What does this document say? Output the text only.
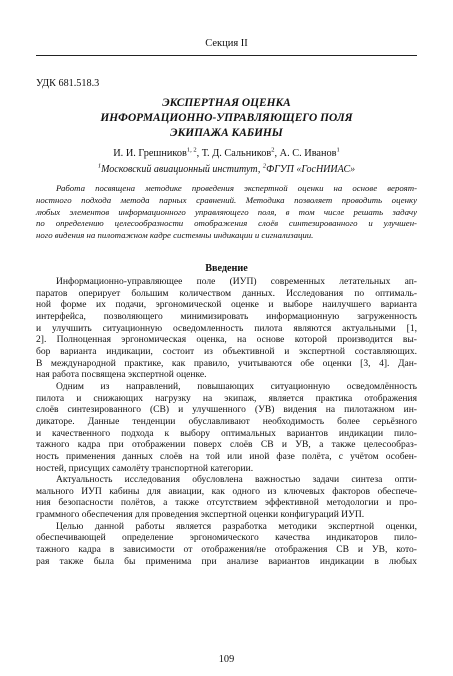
Секция II
УДК 681.518.3
ЭКСПЕРТНАЯ ОЦЕНКА
ИНФОРМАЦИОННО-УПРАВЛЯЮЩЕГО ПОЛЯ
ЭКИПАЖА КАБИНЫ
И. И. Грешников$^{1, 2}$, Т. Д. Сальников$^2$, А. С. Иванов$^1$
$^1$Московский авиационный институт, $^2$ФГУП «ГосНИИАС»
Работа посвящена методике проведения экспертной оценки на основе вероят-
ностного подхода метода парных сравнений. Методика позволяет проводить оценку
любых элементов информационного управляющего поля, в том числе решать задачу
по определению целесообразности отображения слоёв синтезированного и улучшен-
ного видения на пилотажном кадре системны индикации и сигнализации.
Введение
Информационно-управляющее поле (ИУП) современных летательных ап-
паратов оперирует большим количеством данных. Исследования по оптималь-
ной форме их подачи, эргономической оценке и выборе наилучшего варианта
интерфейса, позволяющего минимизировать информационную загруженность
и улучшить ситуационную осведомленность пилота являются актуальными [1,
2]. Полноценная эргономическая оценка, на основе которой производится вы-
бор варианта индикации, состоит из объективной и экспертной составляющих.
В международной практике, как правило, учитываются обе оценки [3, 4]. Дан-
ная работа посвящена экспертной оценке.
Одним из направлений, повышающих ситуационную осведомлённость
пилота и снижающих нагрузку на экипаж, является практика отображения
слоёв синтезированного (СВ) и улучшенного (УВ) видения на пилотажном ин-
дикаторе. Данные тенденции обуславливают необходимость более серьёзного
и качественного подхода к выбору оптимальных вариантов индикации пило-
тажного кадра при отображении поверх слоёв СВ и УВ, а также целесообраз-
ность применения данных слоёв на той или иной фазе полёта, с учётом особен-
ностей, присущих самолёту транспортной категории.
Актуальность исследования обусловлена важностью задачи синтеза опти-
мального ИУП кабины для авиации, как одного из ключевых факторов обеспече-
ния безопасности полётов, а также отсутствием эффективной методологии и про-
граммного обеспечения для проведения экспертной оценки конфигураций ИУП.
Целью данной работы является разработка методики экспертной оценки,
обеспечивающей определение эргономического качества индикаторов пило-
тажного кадра в зависимости от отображения/не отображения СВ и УВ, кото-
рая также была бы применима при анализе вариантов индикации в любых
109
